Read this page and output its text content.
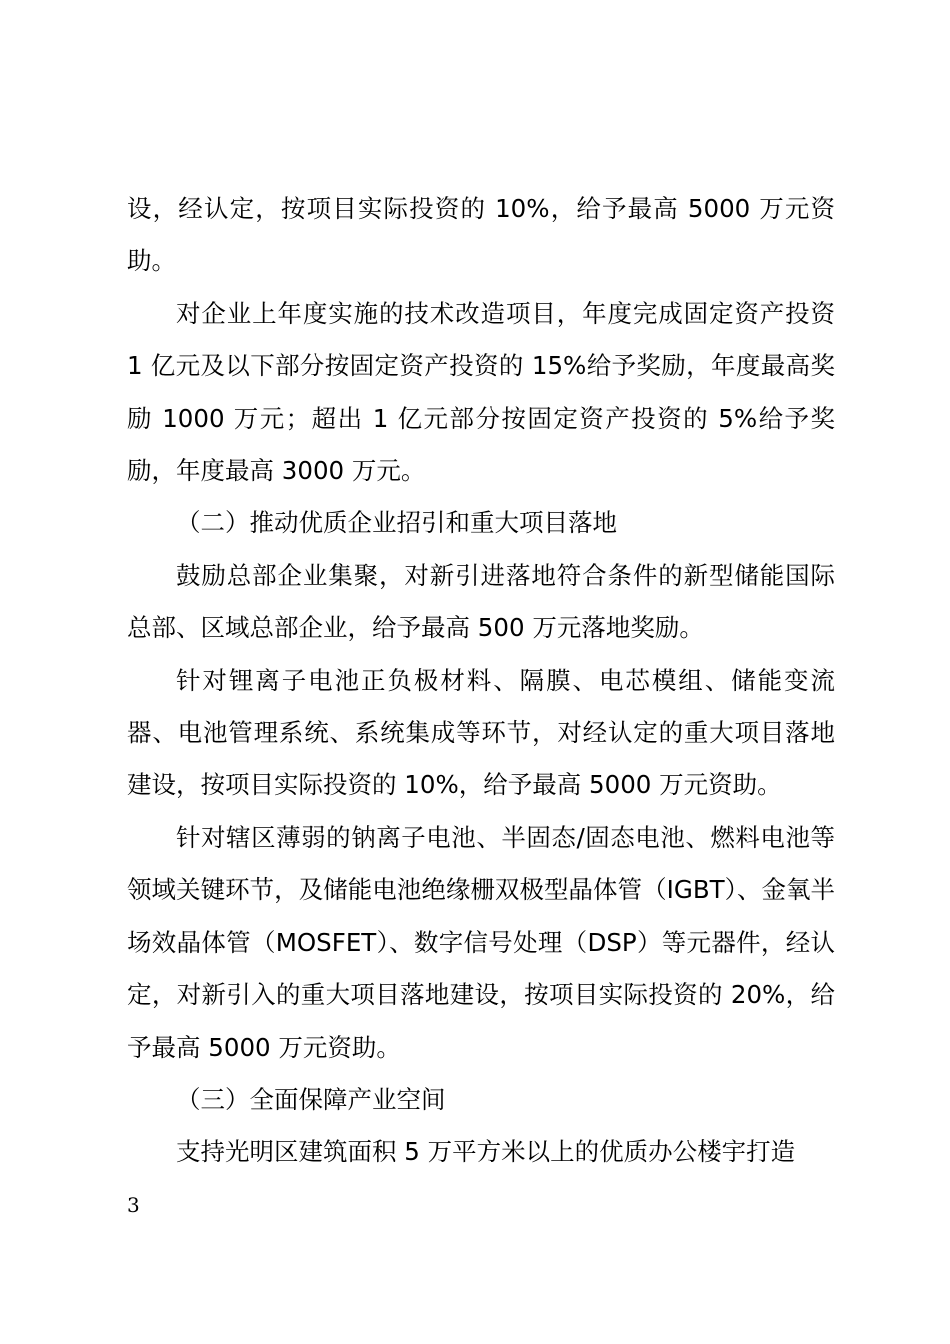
设，经认定，按项目实际投资的 10%，给予最高 5000 万元资助。

对企业上年度实施的技术改造项目，年度完成固定资产投资 1 亿元及以下部分按固定资产投资的 15%给予奖励，年度最高奖励 1000 万元；超出 1 亿元部分按固定资产投资的 5%给予奖励，年度最高 3000 万元。

（二）推动优质企业招引和重大项目落地

鼓励总部企业集聚，对新引进落地符合条件的新型储能国际总部、区域总部企业，给予最高 500 万元落地奖励。

针对锂离子电池正负极材料、隔膜、电芯模组、储能变流器、电池管理系统、系统集成等环节，对经认定的重大项目落地建设，按项目实际投资的 10%，给予最高 5000 万元资助。

针对辖区薄弱的钠离子电池、半固态/固态电池、燃料电池等领域关键环节，及储能电池绝缘栅双极型晶体管（IGBT）、金氧半场效晶体管（MOSFET）、数字信号处理（DSP）等元器件，经认定，对新引入的重大项目落地建设，按项目实际投资的 20%，给予最高 5000 万元资助。

（三）全面保障产业空间

支持光明区建筑面积 5 万平方米以上的优质办公楼宇打造

3
